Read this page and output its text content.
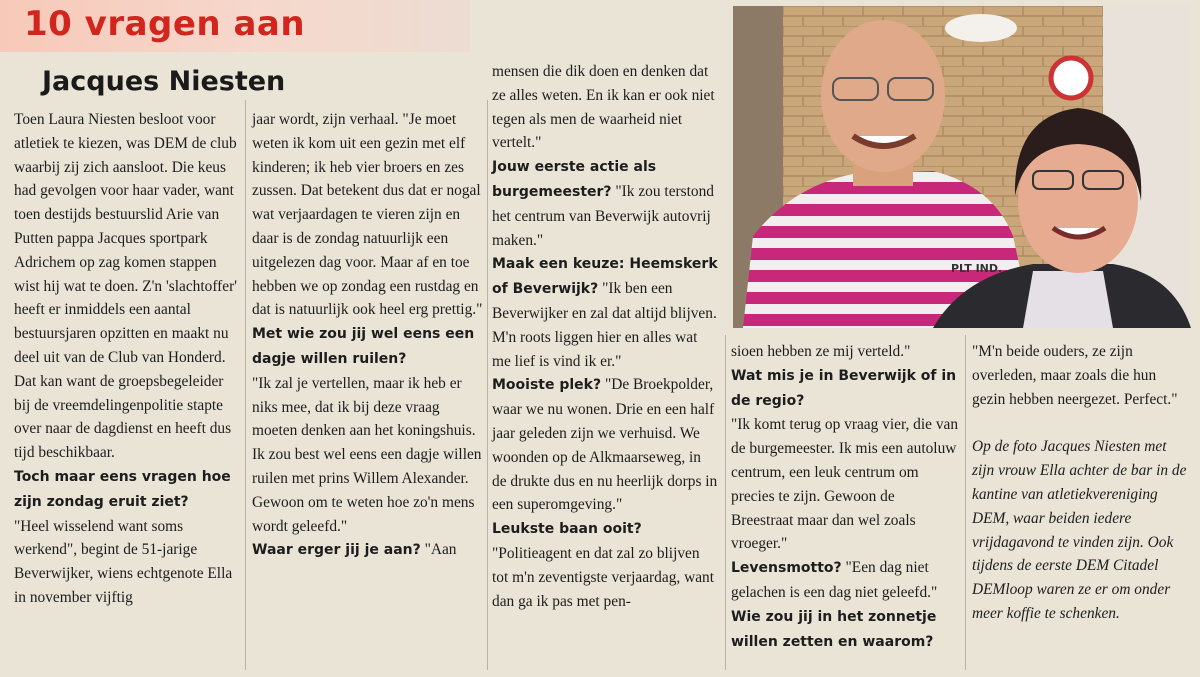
10 vragen aan
Jacques Niesten

Toen Laura Niesten besloot voor atletiek te kiezen, was DEM de club waarbij zij zich aansloot. Die keus had gevolgen voor haar vader, want toen destijds bestuurslid Arie van Putten pappa Jacques sportpark Adrichem op zag komen stappen wist hij wat te doen. Z'n 'slachtoffer' heeft er inmiddels een aantal bestuursjaren opzitten en maakt nu deel uit van de Club van Honderd. Dat kan want de groepsbegeleider bij de vreemdelingenpolitie stapte over naar de dagdienst en heeft dus tijd beschikbaar.

Toch maar eens vragen hoe zijn zondag eruit ziet?

"Heel wisselend want soms werkend", begint de 51-jarige Beverwijker, wiens echtgenote Ella in november vijftig

jaar wordt, zijn verhaal. "Je moet weten ik kom uit een gezin met elf kinderen; ik heb vier broers en zes zussen. Dat betekent dus dat er nogal wat verjaardagen te vieren zijn en daar is de zondag natuurlijk een uitgelezen dag voor. Maar af en toe hebben we op zondag een rustdag en dat is natuurlijk ook heel erg prettig."

Met wie zou jij wel eens een dagje willen ruilen?

"Ik zal je vertellen, maar ik heb er niks mee, dat ik bij deze vraag moeten denken aan het koningshuis. Ik zou best wel eens een dagje willen ruilen met prins Willem Alexander. Gewoon om te weten hoe zo'n mens wordt geleefd."

Waar erger jij je aan? "Aan

mensen die dik doen en denken dat ze alles weten. En ik kan er ook niet tegen als men de waarheid niet vertelt."

Jouw eerste actie als burgemeester? "Ik zou terstond het centrum van Beverwijk autovrij maken."

Maak een keuze: Heemskerk of Beverwijk? "Ik ben een Beverwijker en zal dat altijd blijven. M'n roots liggen hier en alles wat me lief is vind ik er."

Mooiste plek? "De Broekpolder, waar we nu wonen. Drie en een half jaar geleden zijn we verhuisd. We woonden op de Alkmaarseweg, in de drukte dus en nu heerlijk dorps in een superomgeving."

Leukste baan ooit? "Politieagent en dat zal zo blijven tot m'n zeventigste verjaardag, want dan ga ik pas met pen-

sioen hebben ze mij verteld."

Wat mis je in Beverwijk of in de regio?

"Ik komt terug op vraag vier, die van de burgemeester. Ik mis een autoluw centrum, een leuk centrum om precies te zijn. Gewoon de Breestraat maar dan wel zoals vroeger."

Levensmotto? "Een dag niet gelachen is een dag niet geleefd."

Wie zou jij in het zonnetje willen zetten en waarom?

"M'n beide ouders, ze zijn overleden, maar zoals die hun gezin hebben neergezet. Perfect."

Op de foto Jacques Niesten met zijn vrouw Ella achter de bar in de kantine van atletiekvereniging DEM, waar beiden iedere vrijdagavond te vinden zijn. Ook tijdens de eerste DEM Citadel DEMloop waren ze er om onder meer koffie te schenken.

PLT IND.
